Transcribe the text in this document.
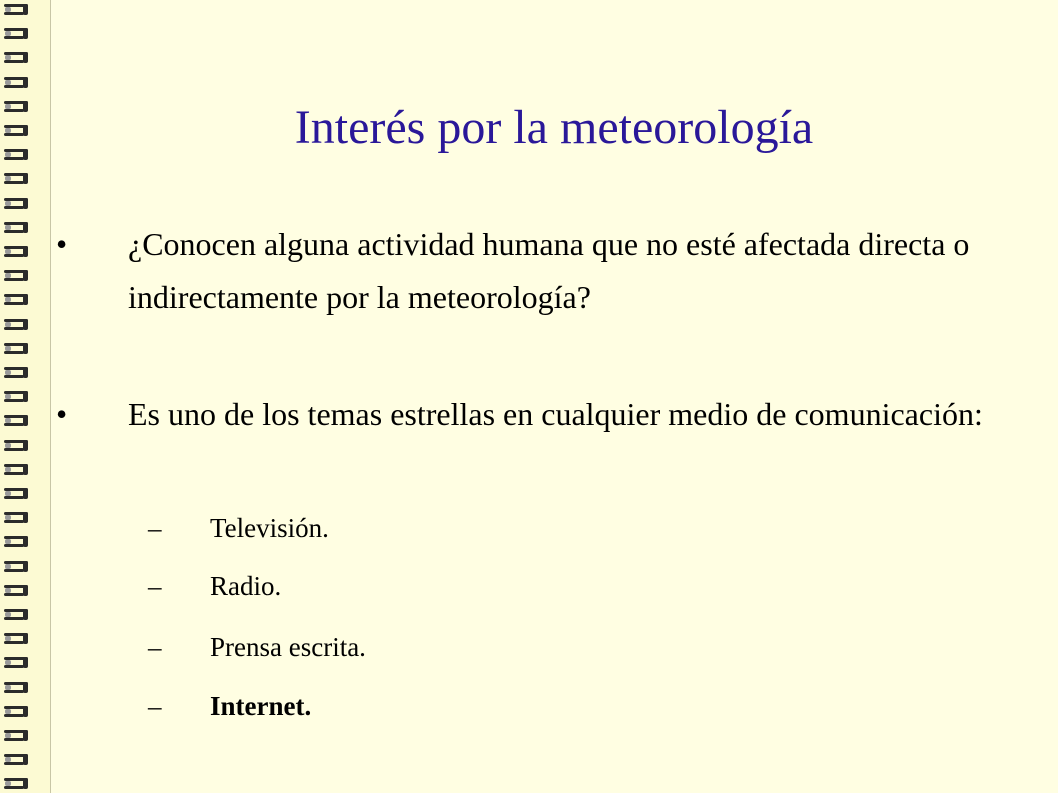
Interés por la meteorología
• ¿Conocen alguna actividad humana que no esté afectada directa o indirectamente por la meteorología?
• Es uno de los temas estrellas en cualquier medio de comunicación:
– Televisión.
– Radio.
– Prensa escrita.
– Internet.
